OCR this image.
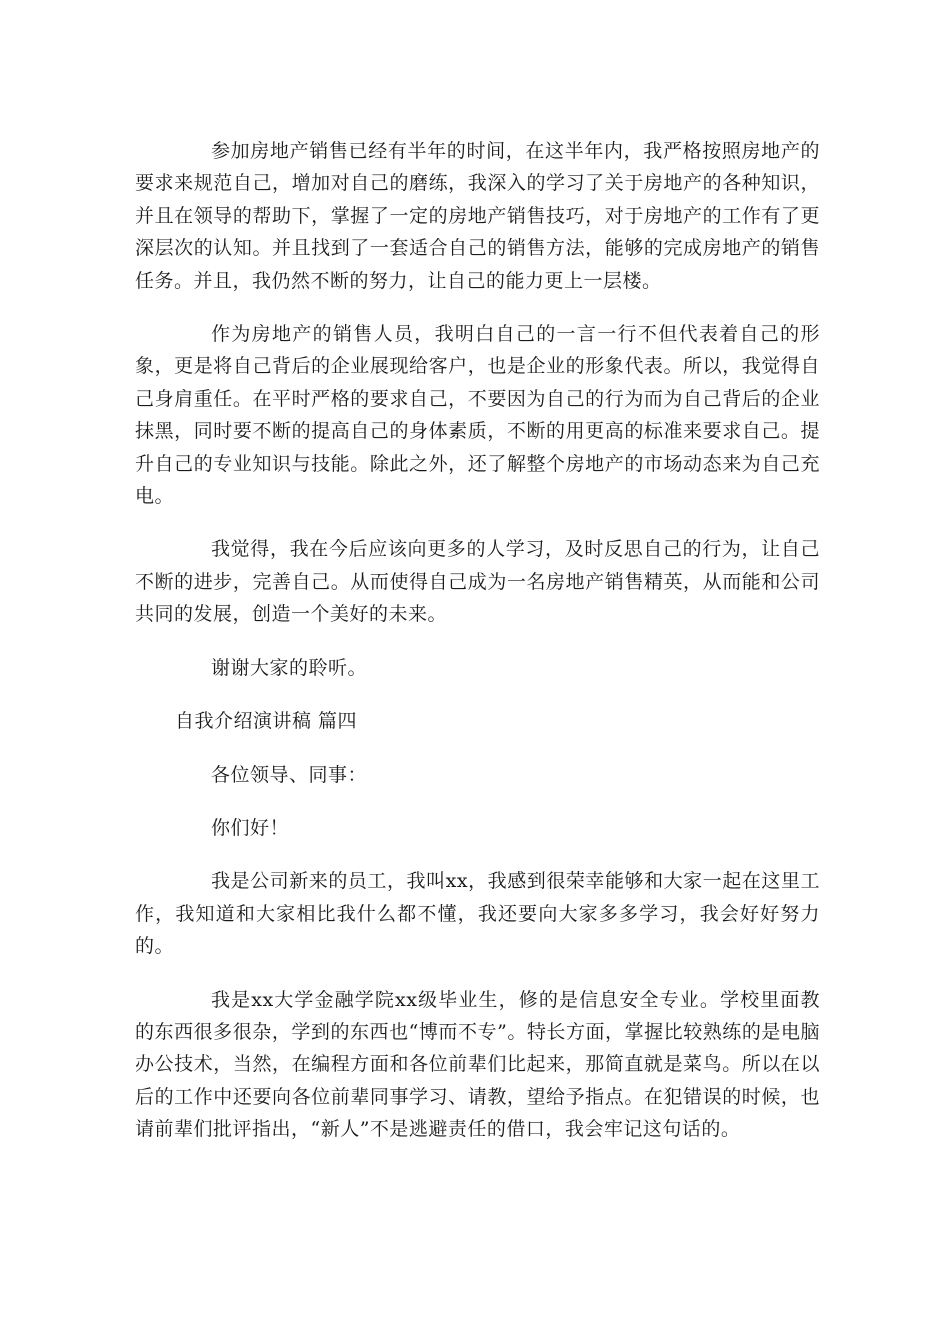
参加房地产销售已经有半年的时间，在这半年内，我严格按照房地产的要求来规范自己，增加对自己的磨练，我深入的学习了关于房地产的各种知识，并且在领导的帮助下，掌握了一定的房地产销售技巧，对于房地产的工作有了更深层次的认知。并且找到了一套适合自己的销售方法，能够的完成房地产的销售任务。并且，我仍然不断的努力，让自己的能力更上一层楼。

作为房地产的销售人员，我明白自己的一言一行不但代表着自己的形象，更是将自己背后的企业展现给客户，也是企业的形象代表。所以，我觉得自己身肩重任。在平时严格的要求自己，不要因为自己的行为而为自己背后的企业抹黑，同时要不断的提高自己的身体素质，不断的用更高的标准来要求自己。提升自己的专业知识与技能。除此之外，还了解整个房地产的市场动态来为自己充电。

我觉得，我在今后应该向更多的人学习，及时反思自己的行为，让自己不断的进步，完善自己。从而使得自己成为一名房地产销售精英，从而能和公司共同的发展，创造一个美好的未来。

谢谢大家的聆听。

自我介绍演讲稿 篇四

各位领导、同事：

你们好！

我是公司新来的员工，我叫xx，我感到很荣幸能够和大家一起在这里工作，我知道和大家相比我什么都不懂，我还要向大家多多学习，我会好好努力的。

我是xx大学金融学院xx级毕业生，修的是信息安全专业。学校里面教的东西很多很杂，学到的东西也“博而不专”。特长方面，掌握比较熟练的是电脑办公技术，当然，在编程方面和各位前辈们比起来，那简直就是菜鸟。所以在以后的工作中还要向各位前辈同事学习、请教，望给予指点。在犯错误的时候，也请前辈们批评指出，“新人”不是逃避责任的借口，我会牢记这句话的。
